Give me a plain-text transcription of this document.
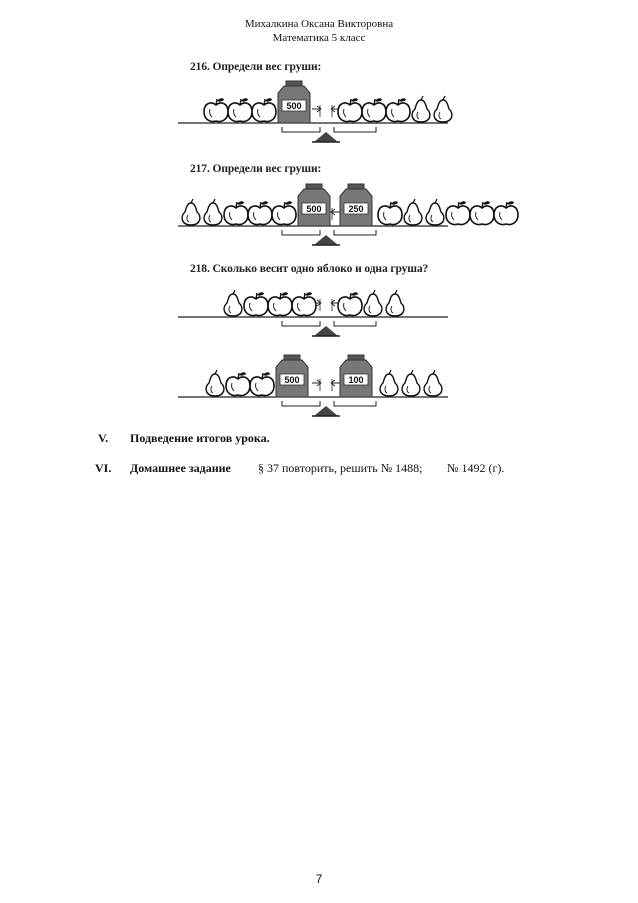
Михалкина Оксана Викторовна
Математика 5 класс
216. Определи вес груши:
217. Определи вес груши:
218. Сколько весит одно яблоко и одна груша?
500
500	250
500	100
V. Подведение итогов урока.
VI. Домашнее задание § 37 повторить, решить № 1488; № 1492 (г).
7
